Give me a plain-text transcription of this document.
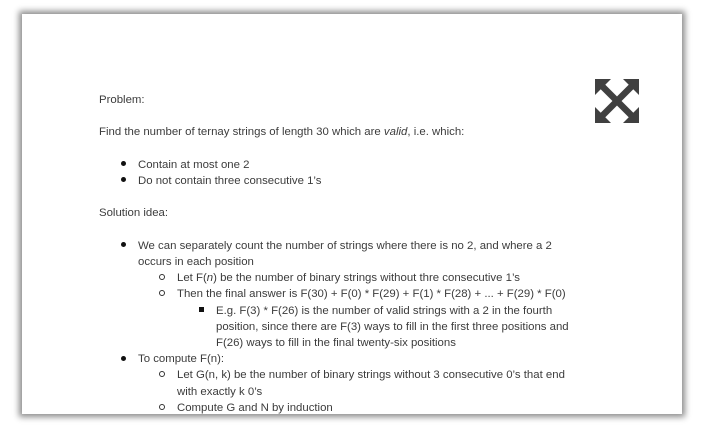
Problem:

Find the number of ternay strings of length 30 which are valid, i.e. which:

Contain at most one 2
Do not contain three consecutive 1’s

Solution idea:

We can separately count the number of strings where there is no 2, and where a 2
occurs in each position
Let F(n) be the number of binary strings without thre consecutive 1’s
Then the final answer is F(30) + F(0) * F(29) + F(1) * F(28) + ... + F(29) * F(0)
E.g. F(3) * F(26) is the number of valid strings with a 2 in the fourth
position, since there are F(3) ways to fill in the first three positions and
F(26) ways to fill in the final twenty-six positions
To compute F(n):
Let G(n, k) be the number of binary strings without 3 consecutive 0’s that end
with exactly k 0’s
Compute G and N by induction
